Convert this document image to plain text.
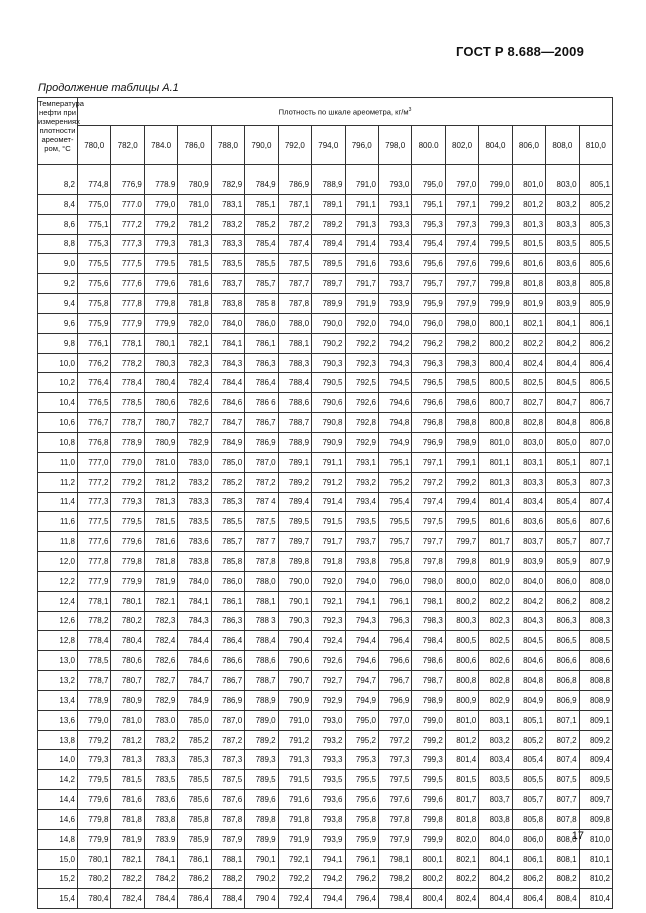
ГОСТ Р 8.688—2009
Продолжение таблицы А.1
Температура нефти при измерениях плотности ареомет-ром, °С	Плотность по шкале ареометра, $кг/м^3$
	780,0	782,0	784.0	786,0	788,0	790,0	792,0	794,0	796,0	798,0	800.0	802,0	804,0	806,0	808,0	810,0
8,2	774,8	776,9	778.9	780,9	782,9	784,9	786,9	788,9	791,0	793,0	795,0	797,0	799,0	801,0	803,0	805,1
8,4	775,0	777.0	779,0	781,0	783,1	785,1	787,1	789,1	791,1	793,1	795,1	797,1	799,2	801,2	803,2	805,2
8,6	775,1	777,2	779,2	781,2	783,2	785,2	787,2	789,2	791,3	793,3	795,3	797,3	799,3	801,3	803,3	805,3
8,8	775,3	777,3	779,3	781,3	783,3	785,4	787,4	789,4	791,4	793,4	795,4	797,4	799,5	801,5	803,5	805,5
9,0	775,5	777,5	779.5	781,5	783,5	785,5	787,5	789,5	791,6	793,6	795,6	797,6	799,6	801,6	803,6	805,6
9,2	775,6	777,6	779,6	781,6	783,7	785,7	787,7	789,7	791,7	793,7	795,7	797,7	799,8	801,8	803,8	805,8
9,4	775,8	777,8	779,8	781,8	783,8	785 8	787,8	789,9	791,9	793,9	795,9	797,9	799,9	801,9	803,9	805,9
9,6	775,9	777,9	779,9	782,0	784,0	786,0	788,0	790,0	792,0	794,0	796,0	798,0	800,1	802,1	804,1	806,1
9,8	776,1	778,1	780,1	782,1	784,1	786,1	788,1	790,2	792,2	794,2	796,2	798,2	800,2	802,2	804,2	806,2
10,0	776,2	778,2	780,3	782,3	784,3	786,3	788,3	790,3	792,3	794,3	796,3	798,3	800,4	802,4	804,4	806,4
10,2	776,4	778,4	780,4	782,4	784,4	786,4	788,4	790,5	792,5	794,5	796,5	798,5	800,5	802,5	804,5	806,5
10,4	776,5	778,5	780,6	782,6	784,6	786 6	788,6	790,6	792,6	794,6	796,6	798,6	800,7	802,7	804,7	806,7
10,6	776,7	778,7	780,7	782,7	784,7	786,7	788,7	790,8	792,8	794,8	796,8	798,8	800,8	802,8	804,8	806,8
10,8	776,8	778,9	780,9	782,9	784,9	786,9	788,9	790,9	792,9	794,9	796,9	798,9	801,0	803,0	805,0	807,0
11,0	777,0	779,0	781.0	783,0	785,0	787,0	789,1	791,1	793,1	795,1	797,1	799,1	801,1	803,1	805,1	807,1
11,2	777,2	779,2	781,2	783,2	785,2	787,2	789,2	791,2	793,2	795,2	797,2	799,2	801,3	803,3	805,3	807,3
11,4	777,3	779,3	781,3	783,3	785,3	787 4	789,4	791,4	793,4	795,4	797,4	799,4	801,4	803,4	805,4	807,4
11,6	777,5	779,5	781,5	783,5	785,5	787,5	789,5	791,5	793,5	795,5	797,5	799,5	801,6	803,6	805,6	807,6
11,8	777,6	779,6	781,6	783,6	785,7	787 7	789,7	791,7	793,7	795,7	797,7	799,7	801,7	803,7	805,7	807,7
12,0	777,8	779,8	781,8	783,8	785,8	787,8	789,8	791,8	793,8	795,8	797,8	799,8	801,9	803,9	805,9	807,9
12,2	777,9	779,9	781,9	784,0	786,0	788,0	790,0	792,0	794,0	796,0	798,0	800,0	802,0	804,0	806,0	808,0
12,4	778,1	780,1	782.1	784,1	786,1	788,1	790,1	792,1	794,1	796,1	798,1	800,2	802,2	804,2	806,2	808,2
12,6	778,2	780,2	782,3	784,3	786,3	788 3	790,3	792,3	794,3	796,3	798,3	800,3	802,3	804,3	806,3	808,3
12,8	778,4	780,4	782,4	784,4	786,4	788,4	790,4	792,4	794,4	796,4	798,4	800,5	802,5	804,5	806,5	808,5
13,0	778,5	780,6	782,6	784,6	786,6	788,6	790,6	792,6	794,6	796,6	798,6	800,6	802,6	804,6	806,6	808,6
13,2	778,7	780,7	782,7	784,7	786,7	788,7	790,7	792,7	794,7	796,7	798,7	800,8	802,8	804,8	806,8	808,8
13,4	778,9	780,9	782,9	784,9	786,9	788,9	790,9	792,9	794,9	796,9	798,9	800,9	802,9	804,9	806,9	808,9
13,6	779,0	781,0	783.0	785,0	787,0	789,0	791,0	793,0	795,0	797,0	799,0	801,0	803,1	805,1	807,1	809,1
13,8	779,2	781,2	783,2	785,2	787,2	789,2	791,2	793,2	795,2	797,2	799,2	801,2	803,2	805,2	807,2	809,2
14,0	779,3	781,3	783,3	785,3	787,3	789,3	791,3	793,3	795,3	797,3	799,3	801,4	803,4	805,4	807,4	809,4
14,2	779,5	781,5	783,5	785,5	787,5	789,5	791,5	793,5	795,5	797,5	799,5	801,5	803,5	805,5	807,5	809,5
14,4	779,6	781,6	783,6	785,6	787,6	789,6	791,6	793,6	795,6	797,6	799,6	801,7	803,7	805,7	807,7	809,7
14,6	779,8	781,8	783,8	785,8	787,8	789,8	791,8	793,8	795,8	797,8	799,8	801,8	803,8	805,8	807,8	809,8
14,8	779,9	781,9	783.9	785,9	787,9	789,9	791,9	793,9	795,9	797,9	799,9	802,0	804,0	806,0	808,0	810,0
15,0	780,1	782,1	784,1	786,1	788,1	790,1	792,1	794,1	796,1	798,1	800,1	802,1	804,1	806,1	808,1	810,1
15,2	780,2	782,2	784,2	786,2	788,2	790,2	792,2	794,2	796,2	798,2	800,2	802,2	804,2	806,2	808,2	810,2
15,4	780,4	782,4	784,4	786,4	788,4	790 4	792,4	794,4	796,4	798,4	800,4	802,4	804,4	806,4	808,4	810,4
17
